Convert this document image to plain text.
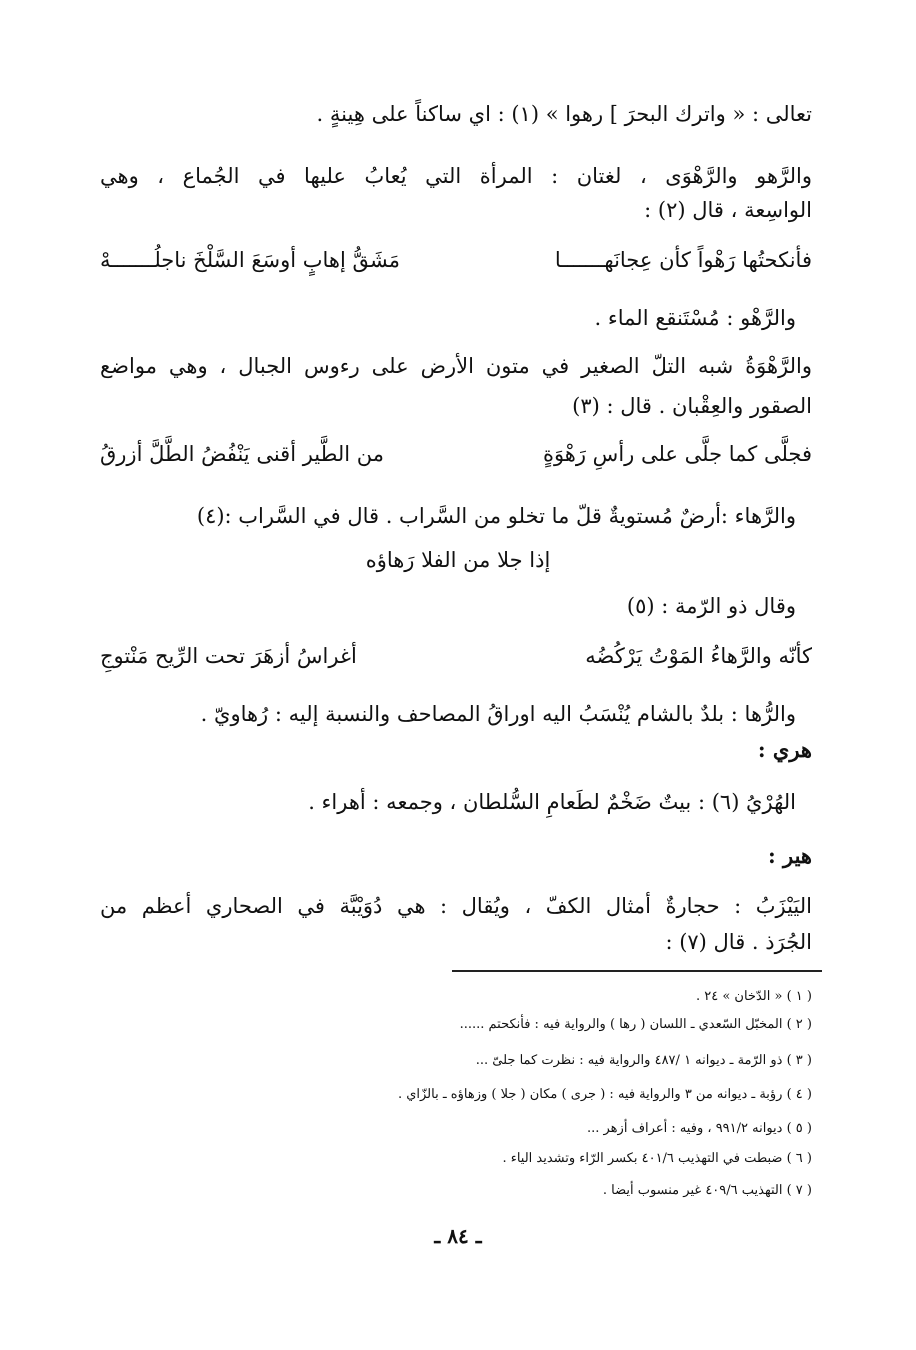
تعالى : « واترك البحرَ ] رهوا » (١) : اي ساكناً على هِينةٍ .
والرَّهو والرَّهْوَى ، لغتان : المرأة التي يُعابُ عليها في الجُماع ، وهي
الواسِعة ، قال (٢) :
فأنكحتُها رَهْواً كأن عِجانَهـــــــا
مَشَقُّ إهابٍ أوسَعَ السَّلْخَ ناجلُـــــــهْ
والرَّهْو : مُسْتَنقع الماء .
والرَّهْوَةُ شبه التلّ الصغير في متون الأرض على رءوس الجبال ، وهي مواضع
الصقور والعِقْبان . قال : (٣)
فجلَّى كما جلَّى على رأسِ رَهْوَةٍ
من الطَّير أقنى يَنْفُضُ الطَّلَّ أزرقُ
والرَّهاء :أرضٌ مُستويةٌ قلّ ما تخلو من السَّراب . قال في السَّراب :(٤)
إذا جلا من الفلا رَهاؤه
وقال ذو الرّمة : (٥)
كأنّه والرَّهاءُ المَوْتُ يَرْكُضُه
أغراسُ أزهَرَ تحت الرِّيح مَنْتوجِ
والرُّها : بلدٌ بالشام يُنْسَبُ اليه اوراقُ المصاحف والنسبة إليه : رُهاويّ .
هري :
الهُرْيُ (٦) : بيتٌ ضَخْمٌ لطَعامِ السُّلطان ، وجمعه : أهراء .
هير :
اليَيْزَبُ : حجارةٌ أمثال الكفّ ، ويُقال : هي دُوَيْبَّة في الصحاري أعظم من
الجُرَذ . قال (٧) :
( ١ ) « الدّخان » ٢٤ .
( ٢ ) المخبّل السّعدي ـ اللسان ( رها ) والرواية فيه : فأنكحتم ......
( ٣ ) ذو الرّمة ـ ديوانه ١ /٤٨٧ والرواية فيه : نظرت كما جلىّ ...
( ٤ ) رؤبة ـ ديوانه من ٣ والرواية فيه : ( جرى ) مكان ( جلا ) وزهاؤه ـ بالزّاي .
( ٥ ) ديوانه ٩٩١/٢ ، وفيه : أعراف أزهر ...
( ٦ ) ضبطت في التهذيب ٤٠١/٦ بكسر الرّاء وتشديد الياء .
( ٧ ) التهذيب ٤٠٩/٦ غير منسوب أيضا .
ـ ٨٤ ـ
